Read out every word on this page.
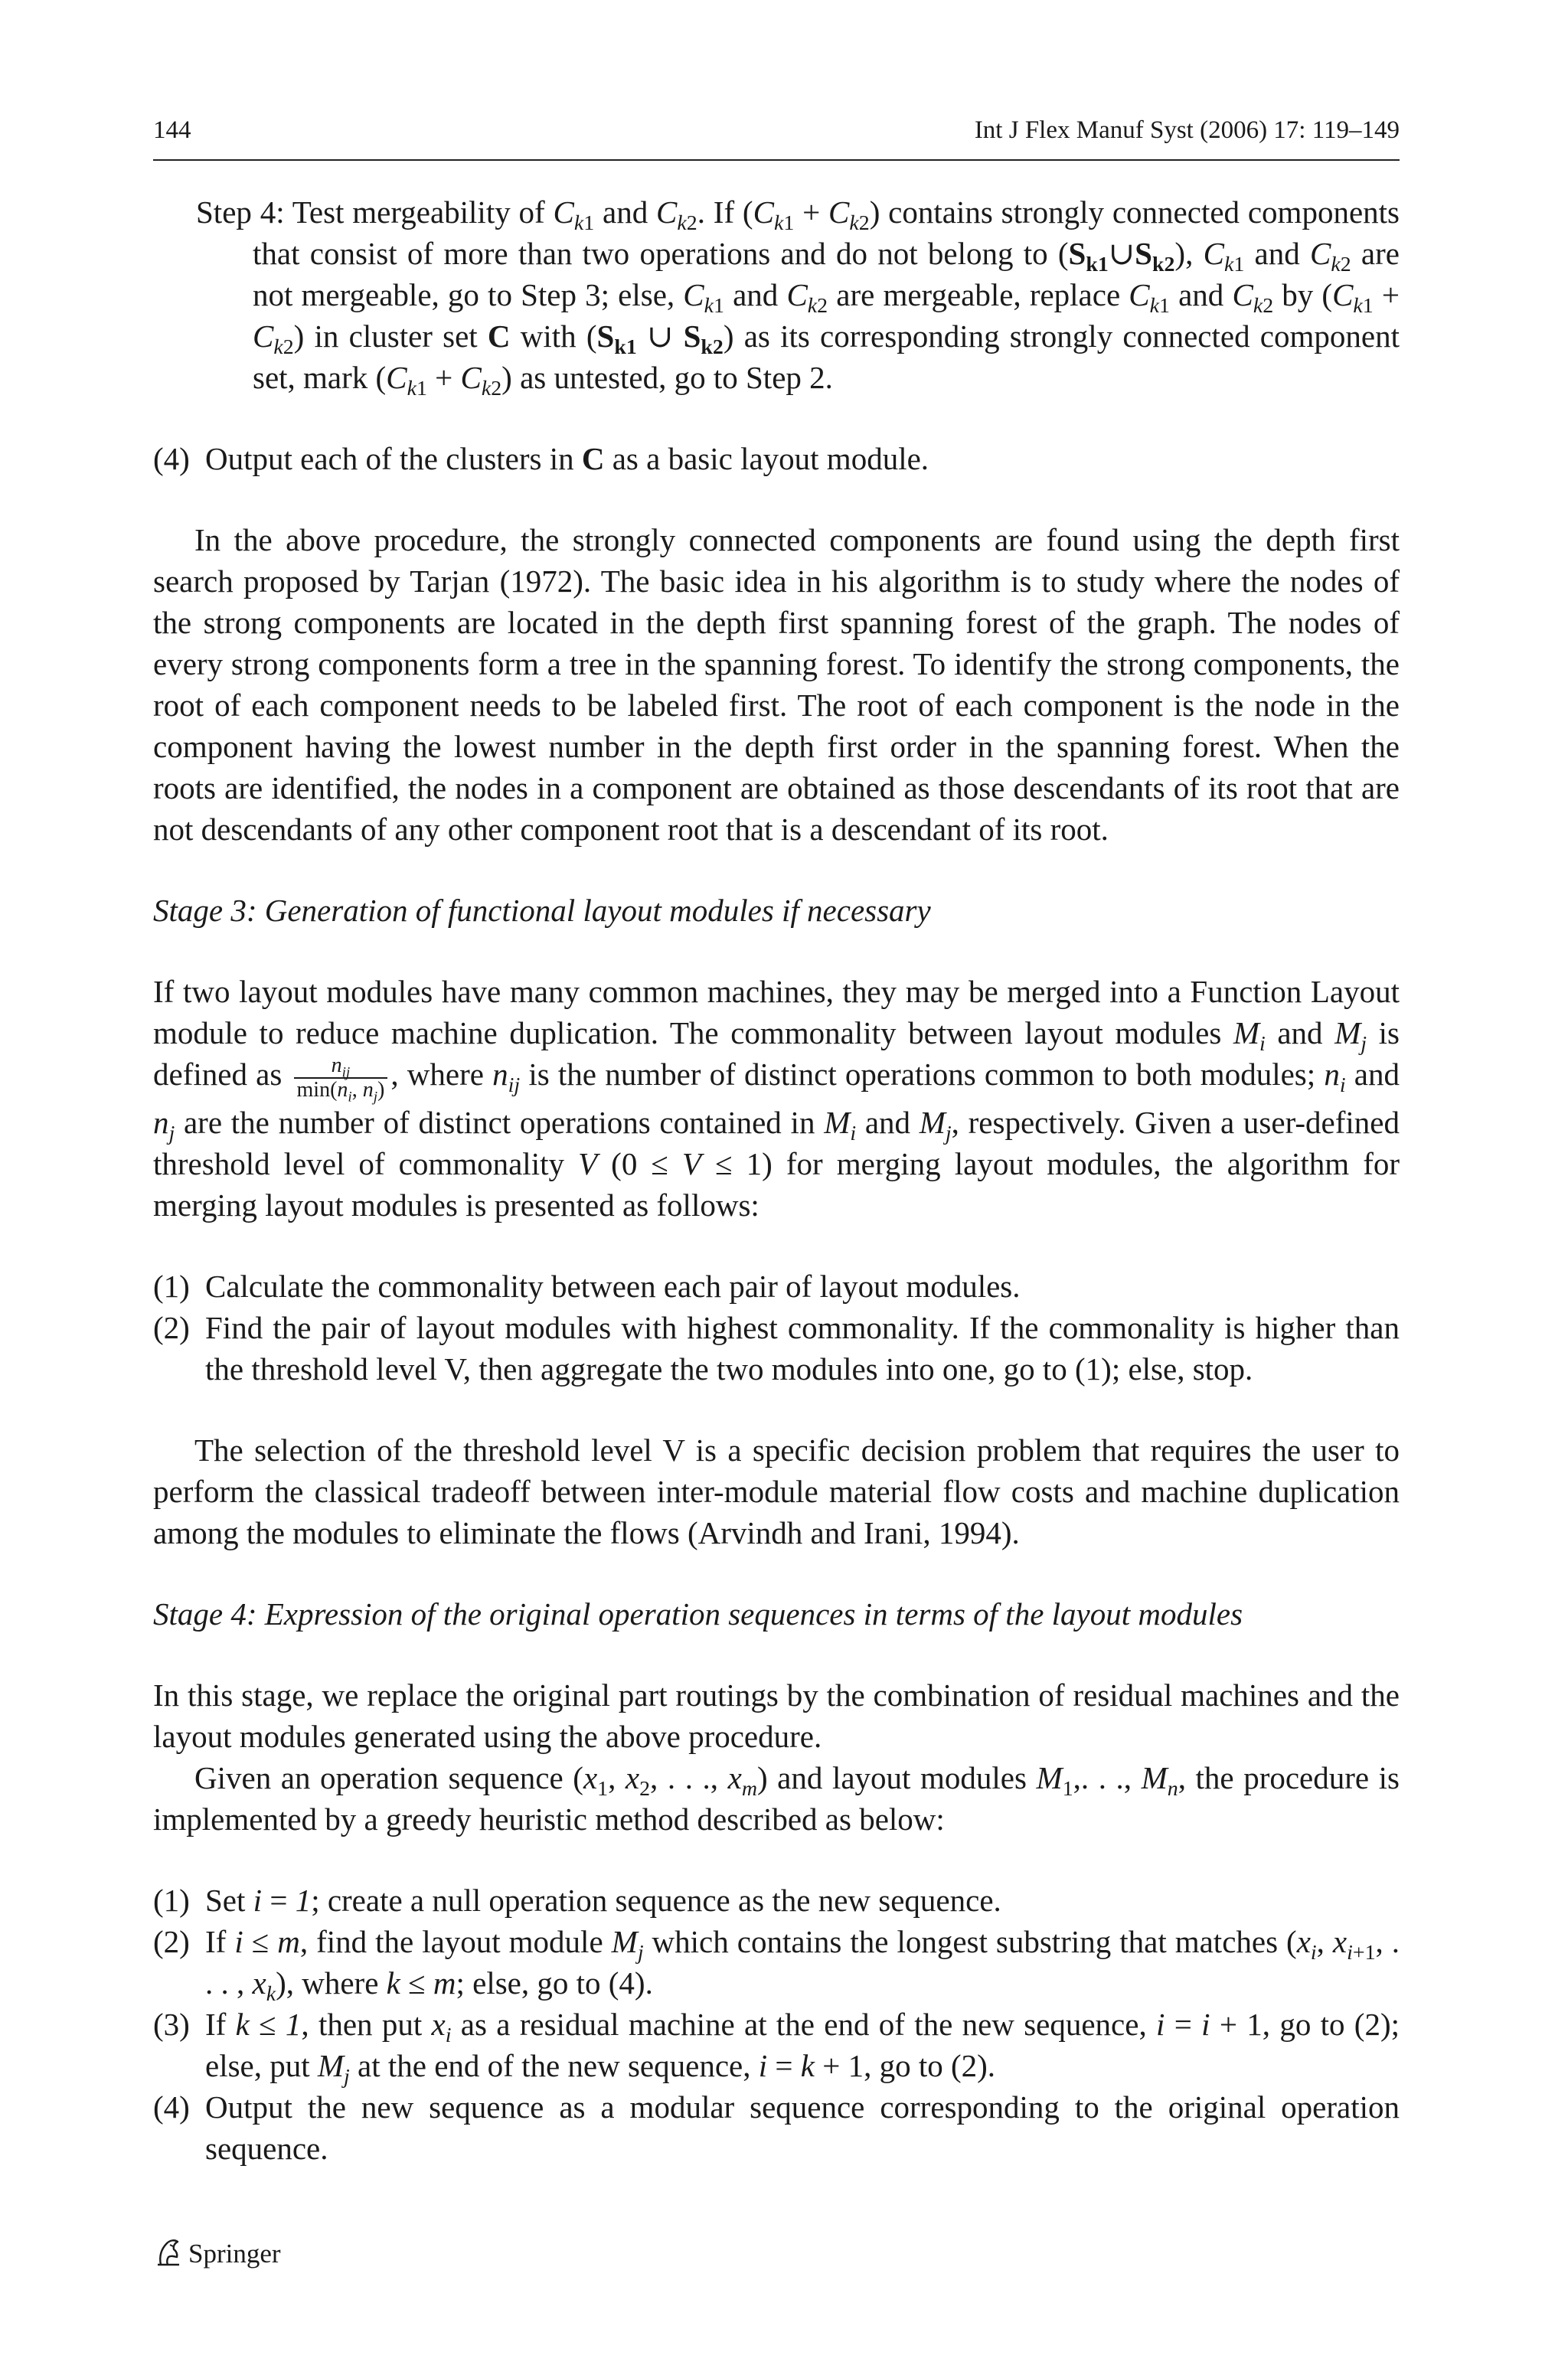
144	Int J Flex Manuf Syst (2006) 17: 119–149

Step 4: Test mergeability of $C_{k1}$ and $C_{k2}$. If $(C_{k1} + C_{k2})$ contains strongly connected components that consist of more than two operations and do not belong to $(S_{k1}\cup S_{k2})$, $C_{k1}$ and $C_{k2}$ are not mergeable, go to Step 3; else, $C_{k1}$ and $C_{k2}$ are mergeable, replace $C_{k1}$ and $C_{k2}$ by $(C_{k1} + C_{k2})$ in cluster set C with ($S_{k1}$ ∪ $S_{k2}$) as its corresponding strongly connected component set, mark $(C_{k1} + C_{k2})$ as untested, go to Step 2.

(4) Output each of the clusters in C as a basic layout module.

In the above procedure, the strongly connected components are found using the depth first search proposed by Tarjan (1972). The basic idea in his algorithm is to study where the nodes of the strong components are located in the depth first spanning forest of the graph. The nodes of every strong components form a tree in the spanning forest. To identify the strong components, the root of each component needs to be labeled first. The root of each component is the node in the component having the lowest number in the depth first order in the spanning forest. When the roots are identified, the nodes in a component are obtained as those descendants of its root that are not descendants of any other component root that is a descendant of its root.

Stage 3: Generation of functional layout modules if necessary

If two layout modules have many common machines, they may be merged into a Function Layout module to reduce machine duplication. The commonality between layout modules $M_i$ and $M_j$ is defined as $\frac{n_{ij}}{\min(n_i, n_j)}$ , where $n_{ij}$ is the number of distinct operations common to both modules; $n_i$ and $n_j$ are the number of distinct operations contained in $M_i$ and $M_j$, respectively. Given a user-defined threshold level of commonality V (0 ≤ V ≤ 1) for merging layout modules, the algorithm for merging layout modules is presented as follows:

(1) Calculate the commonality between each pair of layout modules.
(2) Find the pair of layout modules with highest commonality. If the commonality is higher than the threshold level V, then aggregate the two modules into one, go to (1); else, stop.

The selection of the threshold level V is a specific decision problem that requires the user to perform the classical tradeoff between inter-module material flow costs and machine duplication among the modules to eliminate the flows (Arvindh and Irani, 1994).

Stage 4: Expression of the original operation sequences in terms of the layout modules

In this stage, we replace the original part routings by the combination of residual machines and the layout modules generated using the above procedure.

Given an operation sequence ($x_1$, $x_2$, . . ., $x_m$) and layout modules $M_1$,. . ., $M_n$, the procedure is implemented by a greedy heuristic method described as below:

(1) Set i = 1; create a null operation sequence as the new sequence.
(2) If i ≤ m, find the layout module $M_j$ which contains the longest substring that matches ($x_i$, $x_{i+1}$, . . . , $x_k$), where k ≤ m; else, go to (4).
(3) If k ≤ 1, then put $x_i$ as a residual machine at the end of the new sequence, i = i + 1, go to (2); else, put $M_j$ at the end of the new sequence, i = k + 1, go to (2).
(4) Output the new sequence as a modular sequence corresponding to the original operation sequence.
Springer
